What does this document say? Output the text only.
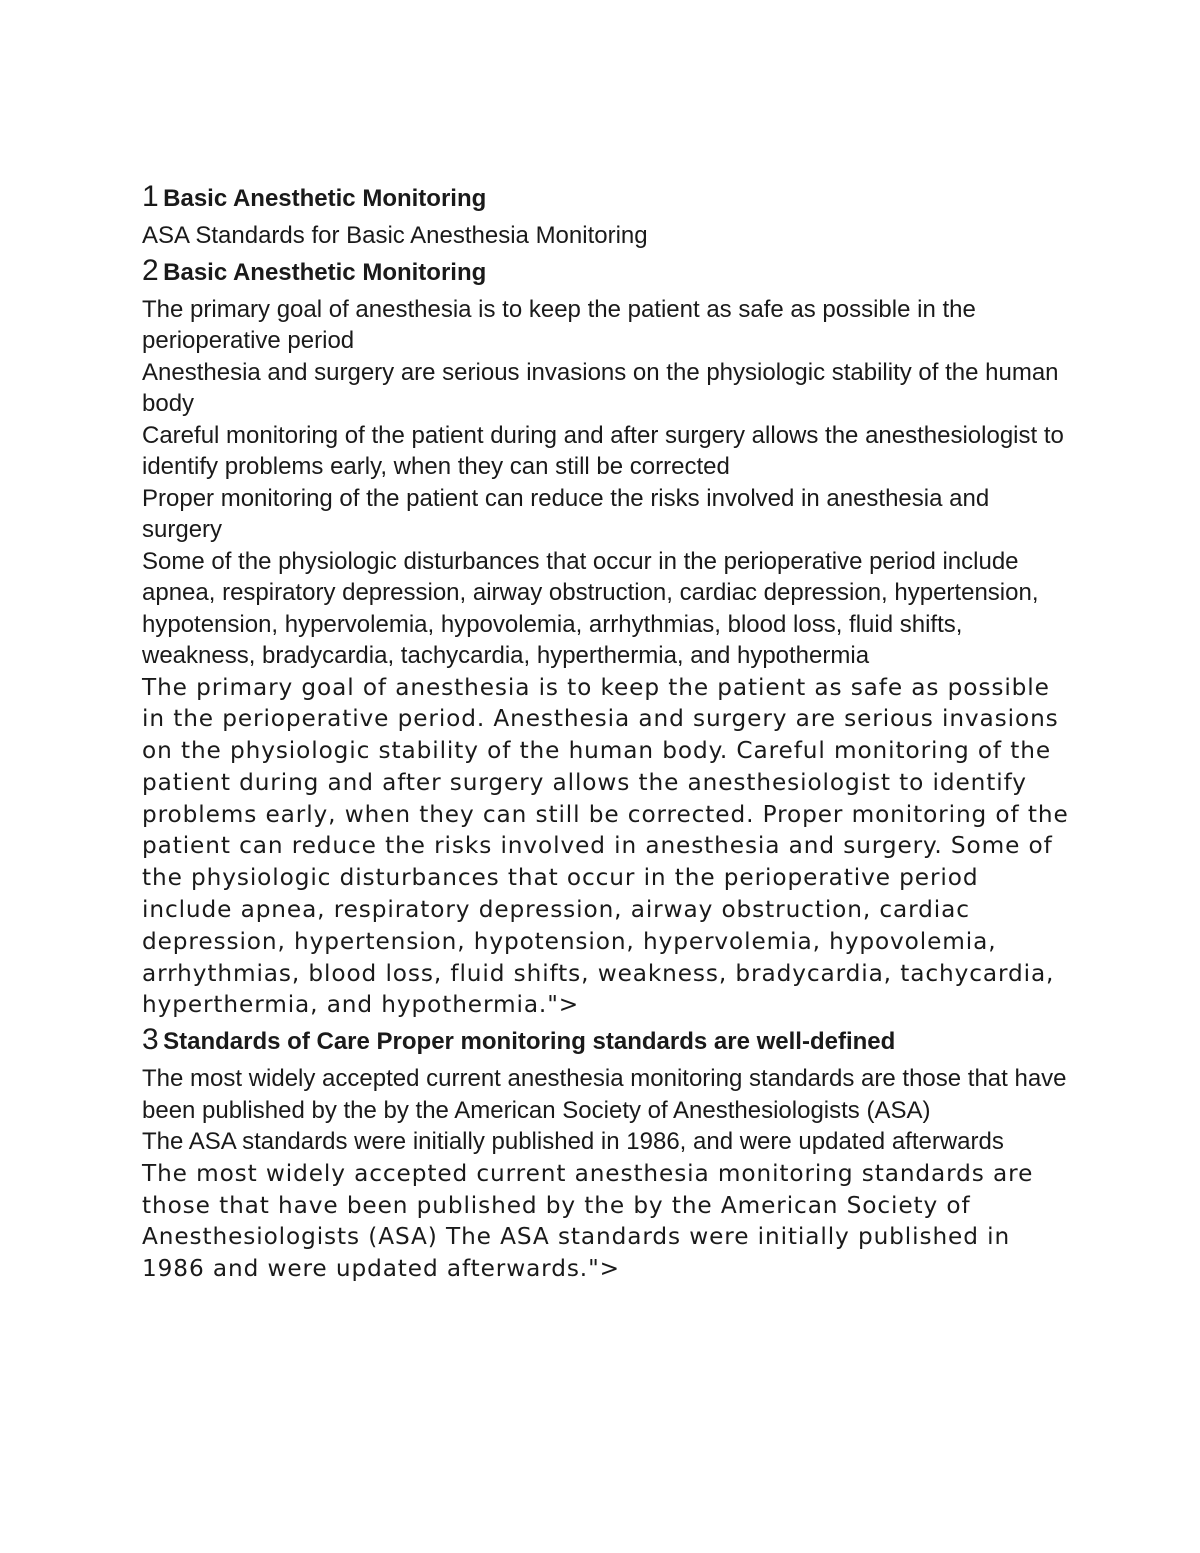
1 Basic Anesthetic Monitoring

ASA Standards for Basic Anesthesia Monitoring

2 Basic Anesthetic Monitoring

The primary goal of anesthesia is to keep the patient as safe as possible in the perioperative period

Anesthesia and surgery are serious invasions on the physiologic stability of the human body

Careful monitoring of the patient during and after surgery allows the anesthesiologist to identify problems early, when they can still be corrected

Proper monitoring of the patient can reduce the risks involved in anesthesia and surgery

Some of the physiologic disturbances that occur in the perioperative period include apnea, respiratory depression, airway obstruction, cardiac depression, hypertension, hypotension, hypervolemia, hypovolemia, arrhythmias, blood loss, fluid shifts, weakness, bradycardia, tachycardia, hyperthermia, and hypothermia

The primary goal of anesthesia is to keep the patient as safe as possible in the perioperative period. Anesthesia and surgery are serious invasions on the physiologic stability of the human body. Careful monitoring of the patient during and after surgery allows the anesthesiologist to identify problems early, when they can still be corrected. Proper monitoring of the patient can reduce the risks involved in anesthesia and surgery. Some of the physiologic disturbances that occur in the perioperative period include apnea, respiratory depression, airway obstruction, cardiac depression, hypertension, hypotension, hypervolemia, hypovolemia, arrhythmias, blood loss, fluid shifts, weakness, bradycardia, tachycardia, hyperthermia, and hypothermia.">

3 Standards of Care Proper monitoring standards are well-defined

The most widely accepted current anesthesia monitoring standards are those that have been published by the by the American Society of Anesthesiologists (ASA)

The ASA standards were initially published in 1986, and were updated afterwards

The most widely accepted current anesthesia monitoring standards are those that have been published by the by the American Society of Anesthesiologists (ASA) The ASA standards were initially published in 1986 and were updated afterwards.">
